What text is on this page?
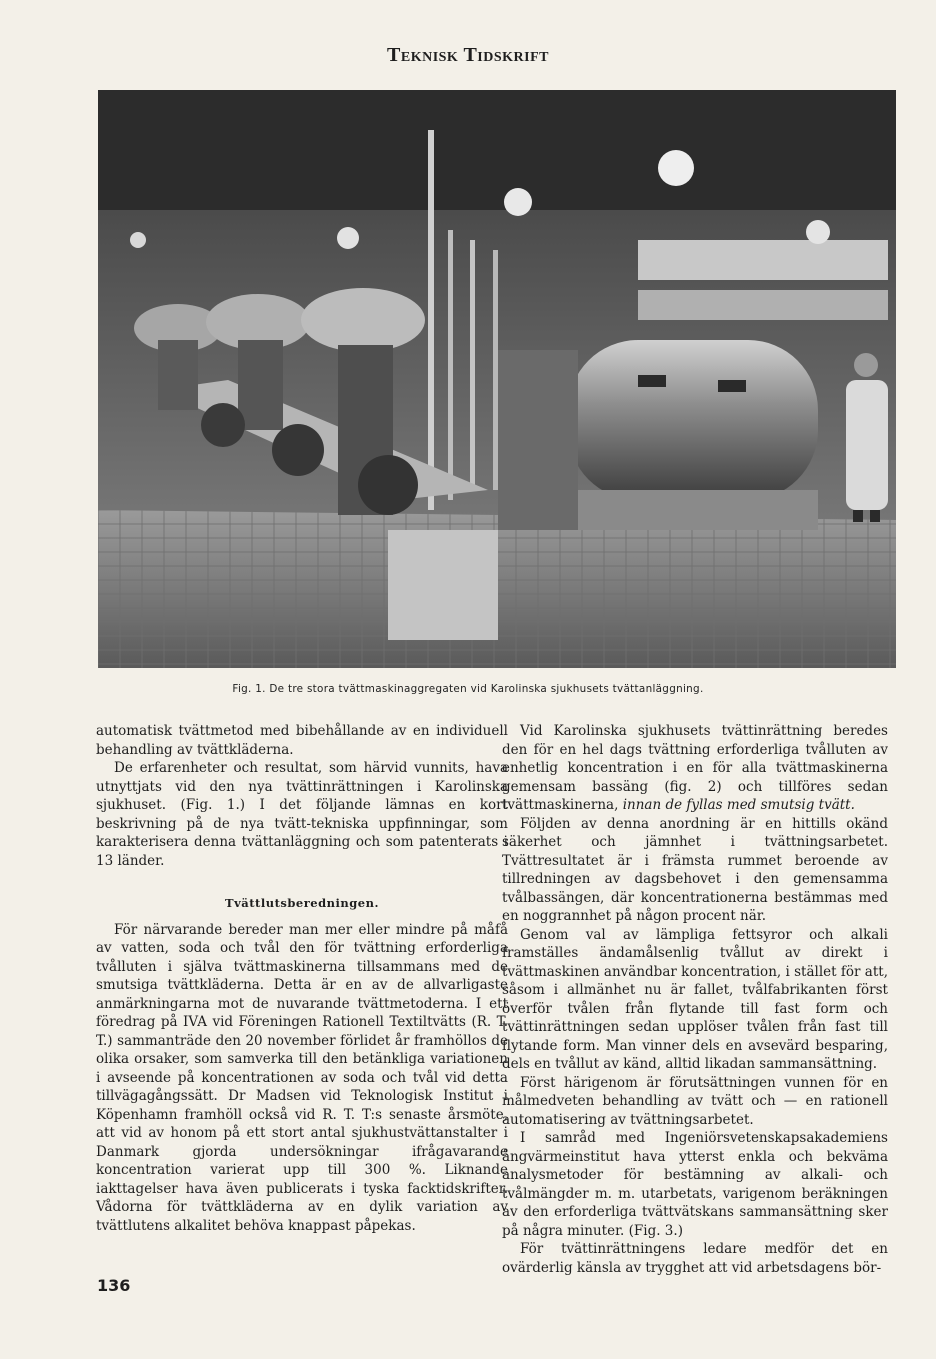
Teknisk Tidskrift
Fig. 1. De tre stora tvättmaskinaggregaten vid Karolinska sjukhusets tvättanläggning.

automatisk tvättmetod med bibehållande av en individuell behandling av tvättkläderna.

De erfarenheter och resultat, som härvid vunnits, hava utnyttjats vid den nya tvättinrättningen i Karolinska sjukhuset. (Fig. 1.) I det följande lämnas en kort beskrivning på de nya tvätt-tekniska uppfinningar, som karakterisera denna tvättanläggning och som patenterats i 13 länder.

Tvättlutsberedningen.

För närvarande bereder man mer eller mindre på måfå av vatten, soda och tvål den för tvättning erforderliga tvålluten i själva tvättmaskinerna tillsammans med de smutsiga tvättkläderna. Detta är en av de allvarligaste anmärkningarna mot de nuvarande tvättmetoderna. I ett föredrag på IVA vid Föreningen Rationell Textiltvätts (R. T. T.) sammanträde den 20 november förlidet år framhöllos de olika orsaker, som samverka till den betänkliga variationen i avseende på koncentrationen av soda och tvål vid detta tillvägagångssätt. Dr Madsen vid Teknologisk Institut i Köpenhamn framhöll också vid R. T. T:s senaste årsmöte, att vid av honom på ett stort antal sjukhustvättanstalter i Danmark gjorda undersökningar ifrågavarande koncentration varierat upp till 300 %. Liknande iakttagelser hava även publicerats i tyska facktidskrifter. Vådorna för tvättkläderna av en dylik variation av tvättlutens alkalitet behöva knappast påpekas.

Vid Karolinska sjukhusets tvättinrättning beredes den för en hel dags tvättning erforderliga tvålluten av enhetlig koncentration i en för alla tvättmaskinerna gemensam bassäng (fig. 2) och tillföres sedan tvättmaskinerna, innan de fyllas med smutsig tvätt.

Följden av denna anordning är en hittills okänd säkerhet och jämnhet i tvättningsarbetet. Tvättresultatet är i främsta rummet beroende av tillredningen av dagsbehovet i den gemensamma tvålbassängen, där koncentrationerna bestämmas med en noggrannhet på någon procent när.

Genom val av lämpliga fettsyror och alkali framställes ändamålsenlig tvållut av direkt i tvättmaskinen användbar koncentration, i stället för att, såsom i allmänhet nu är fallet, tvålfabrikanten först överför tvålen från flytande till fast form och tvättinrättningen sedan upplöser tvålen från fast till flytande form. Man vinner dels en avsevärd besparing, dels en tvållut av känd, alltid likadan sammansättning.

Först härigenom är förutsättningen vunnen för en målmedveten behandling av tvätt och — en rationell automatisering av tvättningsarbetet.

I samråd med Ingeniörsvetenskapsakademiens ångvärmeinstitut hava ytterst enkla och bekväma analysmetoder för bestämning av alkali- och tvålmängder m. m. utarbetats, varigenom beräkningen av den erforderliga tvättvätskans sammansättning sker på några minuter. (Fig. 3.)

För tvättinrättningens ledare medför det en ovärderlig känsla av trygghet att vid arbetsdagens bör-

136
